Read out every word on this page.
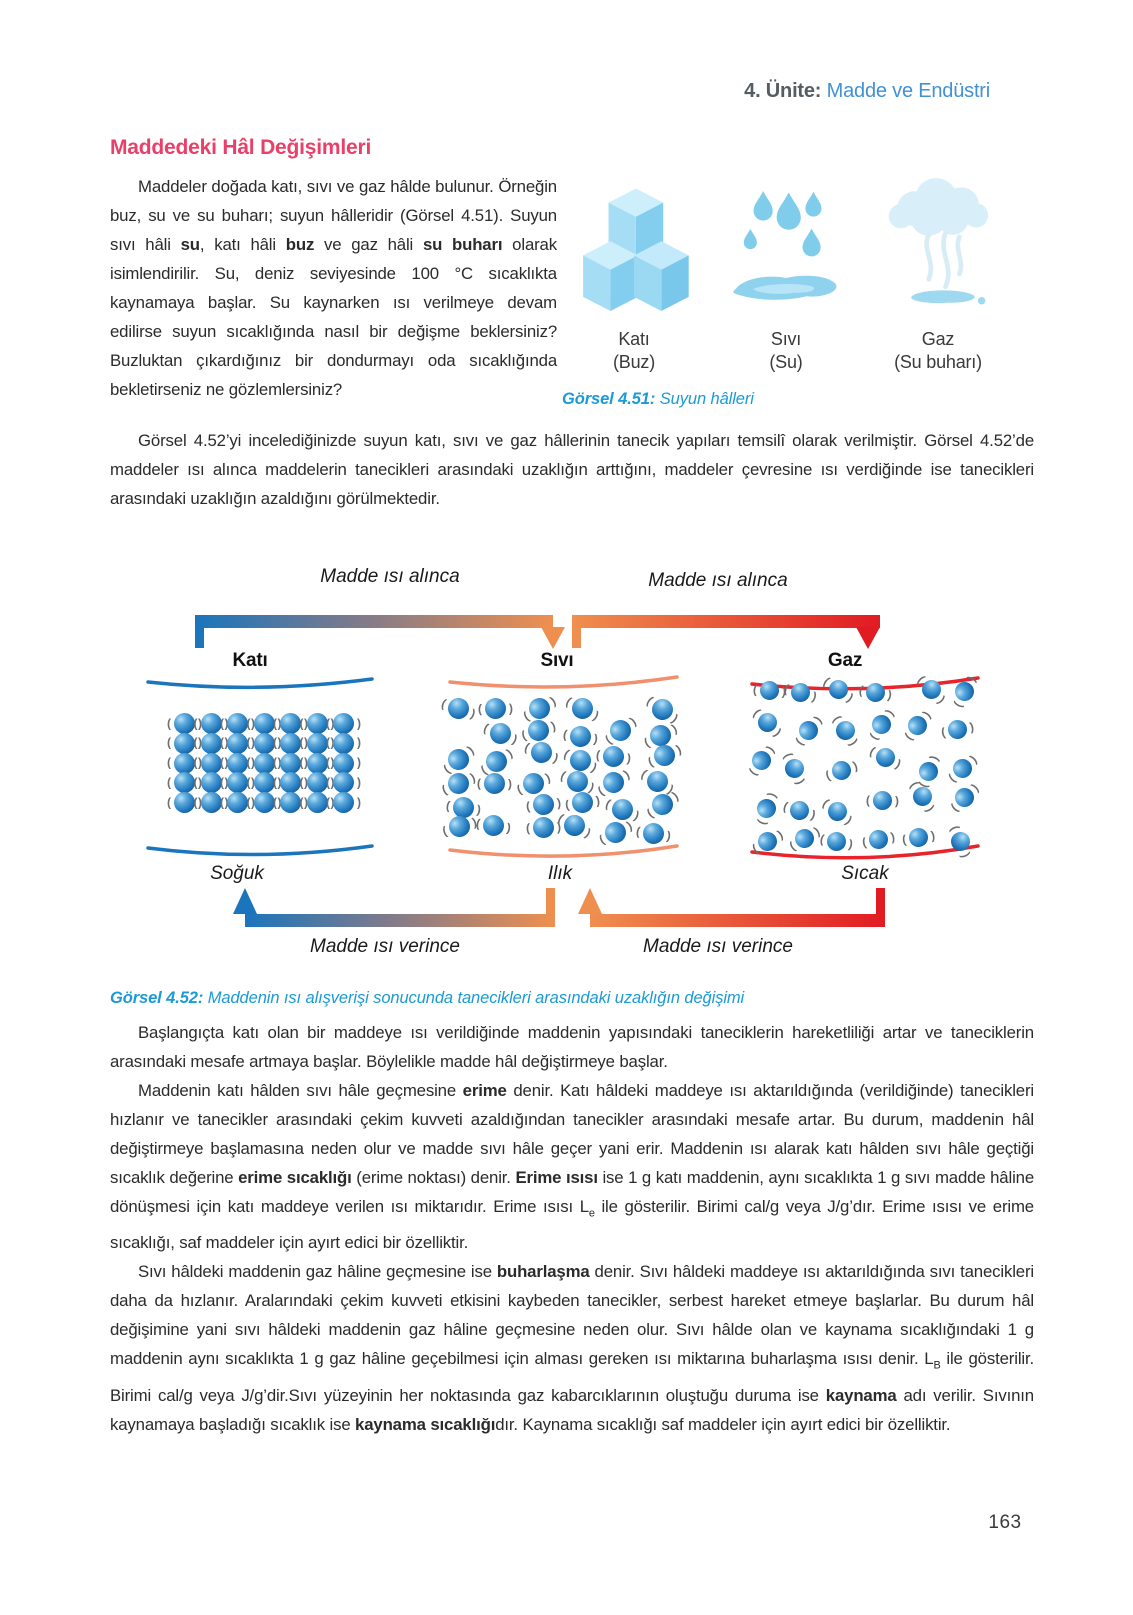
4. Ünite: Madde ve Endüstri
Maddedeki Hâl Değişimleri

Maddeler doğada katı, sıvı ve gaz hâlde bulunur. Örneğin buz, su ve su buharı; suyun hâlleridir (Görsel 4.51). Suyun sıvı hâli su, katı hâli buz ve gaz hâli su buharı olarak isimlendirilir. Su, deniz seviyesinde 100 °C sıcaklıkta kaynamaya başlar. Su kaynarken ısı verilmeye devam edilirse suyun sıcaklığında nasıl bir değişme beklersiniz? Buzluktan çıkardığınız bir dondurmayı oda sıcaklığında bekletirseniz ne gözlemlersiniz?

Katı
(Buz)
Sıvı
(Su)
Gaz
(Su buharı)
Görsel 4.51: Suyun hâlleri

Görsel 4.52’yi incelediğinizde suyun katı, sıvı ve gaz hâllerinin tanecik yapıları temsilî olarak verilmiştir. Görsel 4.52’de maddeler ısı alınca maddelerin tanecikleri arasındaki uzaklığın arttığını, maddeler çevresine ısı verdiğinde ise tanecikleri arasındaki uzaklığın azaldığını görülmektedir.

Madde ısı alınca	Madde ısı alınca
Katı	Sıvı	Gaz
( )
( )
( )
( )
( )
( )
( )
( )
( )
( )
( )
( )
( )
( )
( )
( )
( )
( )
( )
( )
( )
( )
( )
( )
( )
( )
( )
( )
( )
( )
( )
( )
( )
( )
( )
( )
( )
( )
( )
( )
( )
( )
( )
( )
( )
( )
( )
( )
( )
( )
( )
( )
( )
( )
( )
( )
( )
( )
( )
( )
( )
( )
( )
( )
( )
( )
( )
( )
( )
( )
( )
( )
( )
( )
( )
( )
( )
( )
( )
( )
( )
( )
( )
( )
( )
( )
( )
( )
( )
( )
( )
( )
( )
( )
( )
( )
( )
( )
Soğuk	Ilık	Sıcak
Madde ısı verince	Madde ısı verince

Görsel 4.52: Maddenin ısı alışverişi sonucunda tanecikleri arasındaki uzaklığın değişimi

Başlangıçta katı olan bir maddeye ısı verildiğinde maddenin yapısındaki taneciklerin hareketliliği artar ve taneciklerin arasındaki mesafe artmaya başlar. Böylelikle madde hâl değiştirmeye başlar.

Maddenin katı hâlden sıvı hâle geçmesine erime denir. Katı hâldeki maddeye ısı aktarıldığında (verildiğinde) tanecikleri hızlanır ve tanecikler arasındaki çekim kuvveti azaldığından tanecikler arasındaki mesafe artar. Bu durum, maddenin hâl değiştirmeye başlamasına neden olur ve madde sıvı hâle geçer yani erir. Maddenin ısı alarak katı hâlden sıvı hâle geçtiği sıcaklık değerine erime sıcaklığı (erime noktası) denir. Erime ısısı ise 1 g katı maddenin, aynı sıcaklıkta 1 g sıvı madde hâline dönüşmesi için katı maddeye verilen ısı miktarıdır. Erime ısısı $L_e$ ile gösterilir. Birimi cal/g veya J/g’dır. Erime ısısı ve erime sıcaklığı, saf maddeler için ayırt edici bir özelliktir.

Sıvı hâldeki maddenin gaz hâline geçmesine ise buharlaşma denir. Sıvı hâldeki maddeye ısı aktarıldığında sıvı tanecikleri daha da hızlanır. Aralarındaki çekim kuvveti etkisini kaybeden tanecikler, serbest hareket etmeye başlarlar. Bu durum hâl değişimine yani sıvı hâldeki maddenin gaz hâline geçmesine neden olur. Sıvı hâlde olan ve kaynama sıcaklığındaki 1 g maddenin aynı sıcaklıkta 1 g gaz hâline geçebilmesi için alması gereken ısı miktarına buharlaşma ısısı denir. $L_B$ ile gösterilir. Birimi cal/g veya J/g’dir.Sıvı yüzeyinin her noktasında gaz kabarcıklarının oluştuğu duruma ise kaynama adı verilir. Sıvının kaynamaya başladığı sıcaklık ise kaynama sıcaklığıdır. Kaynama sıcaklığı saf maddeler için ayırt edici bir özelliktir.

163
